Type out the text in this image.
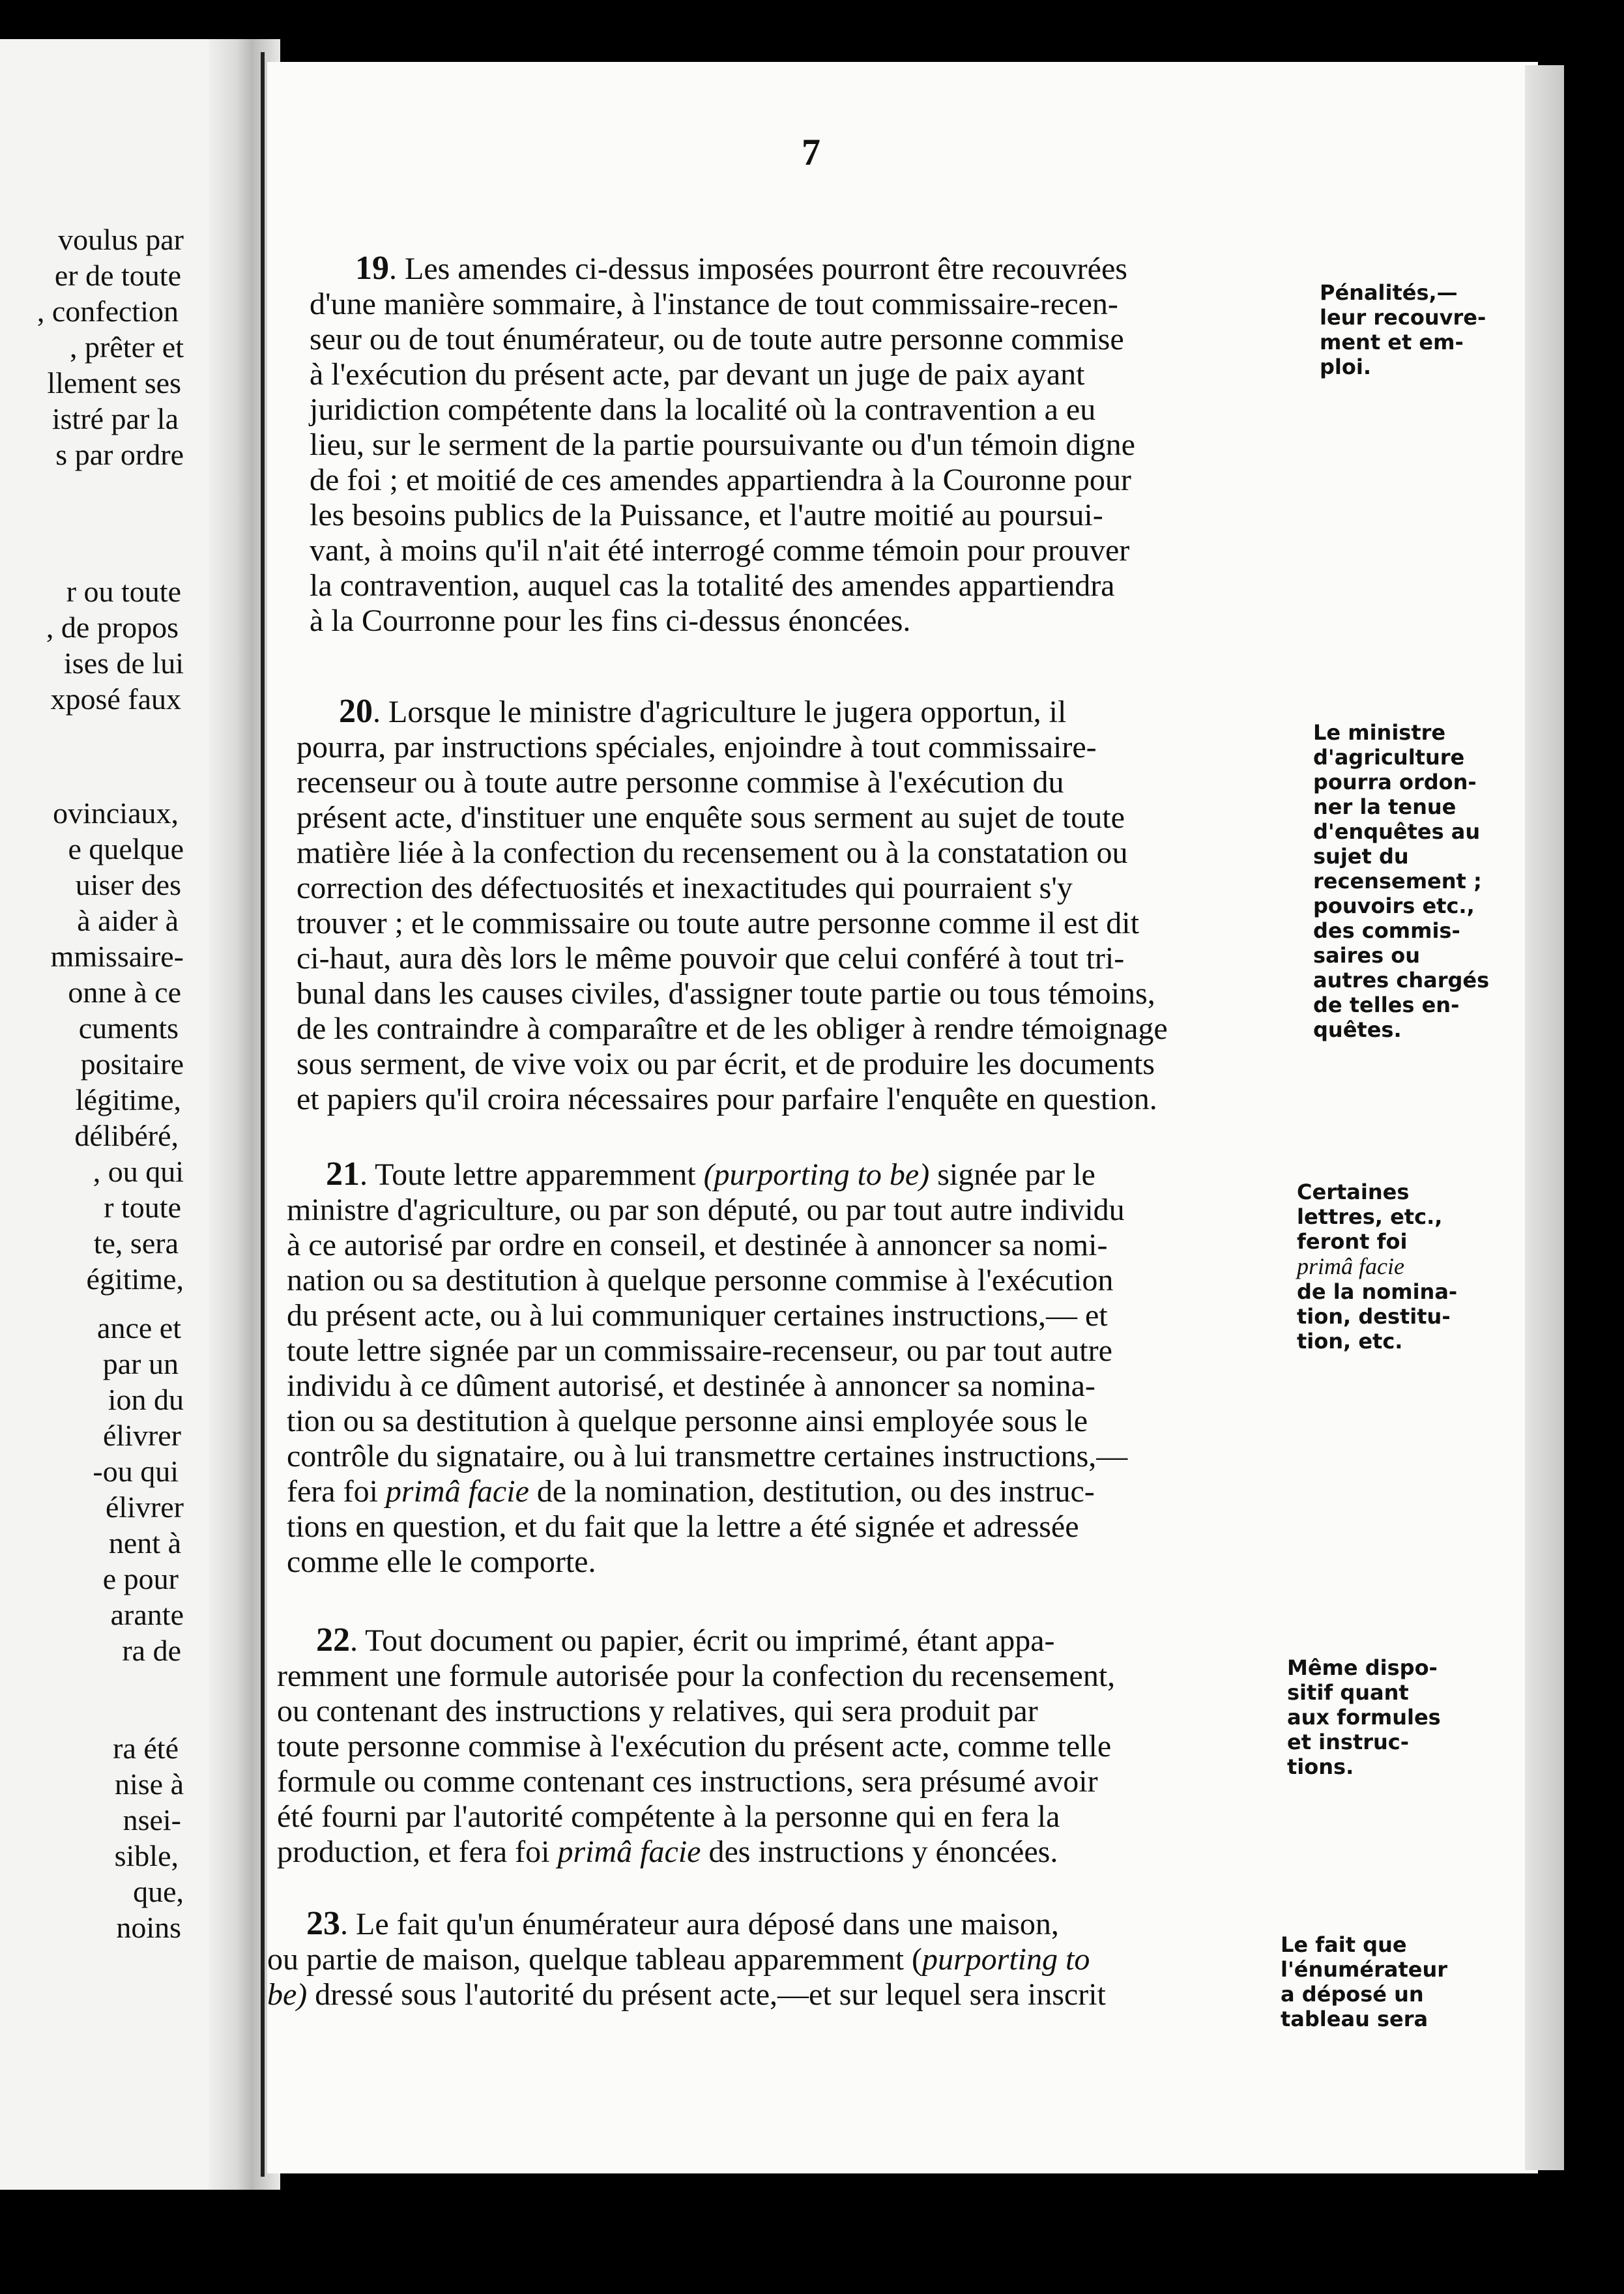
voulus par
er de toute
, confection
, prêter et
llement ses
istré par la
s par ordre
r ou toute
, de propos
ises de lui
xposé faux
ovinciaux,
e quelque
uiser des
à aider à
mmissaire-
onne à ce
cuments
positaire
légitime,
délibéré,
, ou qui
r toute
te, sera
égitime,
ance et
par un
ion du
élivrer
-ou qui
élivrer
nent à
e pour
arante
ra de
ra été
nise à
nsei-
sible,
que,
noins
7
19. Les amendes ci-dessus imposées pourront être recouvrées
d'une manière sommaire, à l'instance de tout commissaire-recen-
seur ou de tout énumérateur, ou de toute autre personne commise
à l'exécution du présent acte, par devant un juge de paix ayant
juridiction compétente dans la localité où la contravention a eu
lieu, sur le serment de la partie poursuivante ou d'un témoin digne
de foi ; et moitié de ces amendes appartiendra à la Couronne pour
les besoins publics de la Puissance, et l'autre moitié au poursui-
vant, à moins qu'il n'ait été interrogé comme témoin pour prouver
la contravention, auquel cas la totalité des amendes appartiendra
à la Courronne pour les fins ci-dessus énoncées.
Pénalités,—
leur recouvre-
ment et em-
ploi.
20. Lorsque le ministre d'agriculture le jugera opportun, il
pourra, par instructions spéciales, enjoindre à tout commissaire-
recenseur ou à toute autre personne commise à l'exécution du
présent acte, d'instituer une enquête sous serment au sujet de toute
matière liée à la confection du recensement ou à la constatation ou
correction des défectuosités et inexactitudes qui pourraient s'y
trouver ; et le commissaire ou toute autre personne comme il est dit
ci-haut, aura dès lors le même pouvoir que celui conféré à tout tri-
bunal dans les causes civiles, d'assigner toute partie ou tous témoins,
de les contraindre à comparaître et de les obliger à rendre témoignage
sous serment, de vive voix ou par écrit, et de produire les documents
et papiers qu'il croira nécessaires pour parfaire l'enquête en question.
Le ministre
d'agriculture
pourra ordon-
ner la tenue
d'enquêtes au
sujet du
recensement ;
pouvoirs etc.,
des commis-
saires ou
autres chargés
de telles en-
quêtes.
21. Toute lettre apparemment (purporting to be) signée par le
ministre d'agriculture, ou par son député, ou par tout autre individu
à ce autorisé par ordre en conseil, et destinée à annoncer sa nomi-
nation ou sa destitution à quelque personne commise à l'exécution
du présent acte, ou à lui communiquer certaines instructions,— et
toute lettre signée par un commissaire-recenseur, ou par tout autre
individu à ce dûment autorisé, et destinée à annoncer sa nomina-
tion ou sa destitution à quelque personne ainsi employée sous le
contrôle du signataire, ou à lui transmettre certaines instructions,—
fera foi primâ facie de la nomination, destitution, ou des instruc-
tions en question, et du fait que la lettre a été signée et adressée
comme elle le comporte.
Certaines
lettres, etc.,
feront foi
primâ facie
de la nomina-
tion, destitu-
tion, etc.
22. Tout document ou papier, écrit ou imprimé, étant appa-
remment une formule autorisée pour la confection du recensement,
ou contenant des instructions y relatives, qui sera produit par
toute personne commise à l'exécution du présent acte, comme telle
formule ou comme contenant ces instructions, sera présumé avoir
été fourni par l'autorité compétente à la personne qui en fera la
production, et fera foi primâ facie des instructions y énoncées.
Même dispo-
sitif quant
aux formules
et instruc-
tions.
23. Le fait qu'un énumérateur aura déposé dans une maison,
ou partie de maison, quelque tableau apparemment (purporting to
be) dressé sous l'autorité du présent acte,—et sur lequel sera inscrit
Le fait que
l'énumérateur
a déposé un
tableau sera
